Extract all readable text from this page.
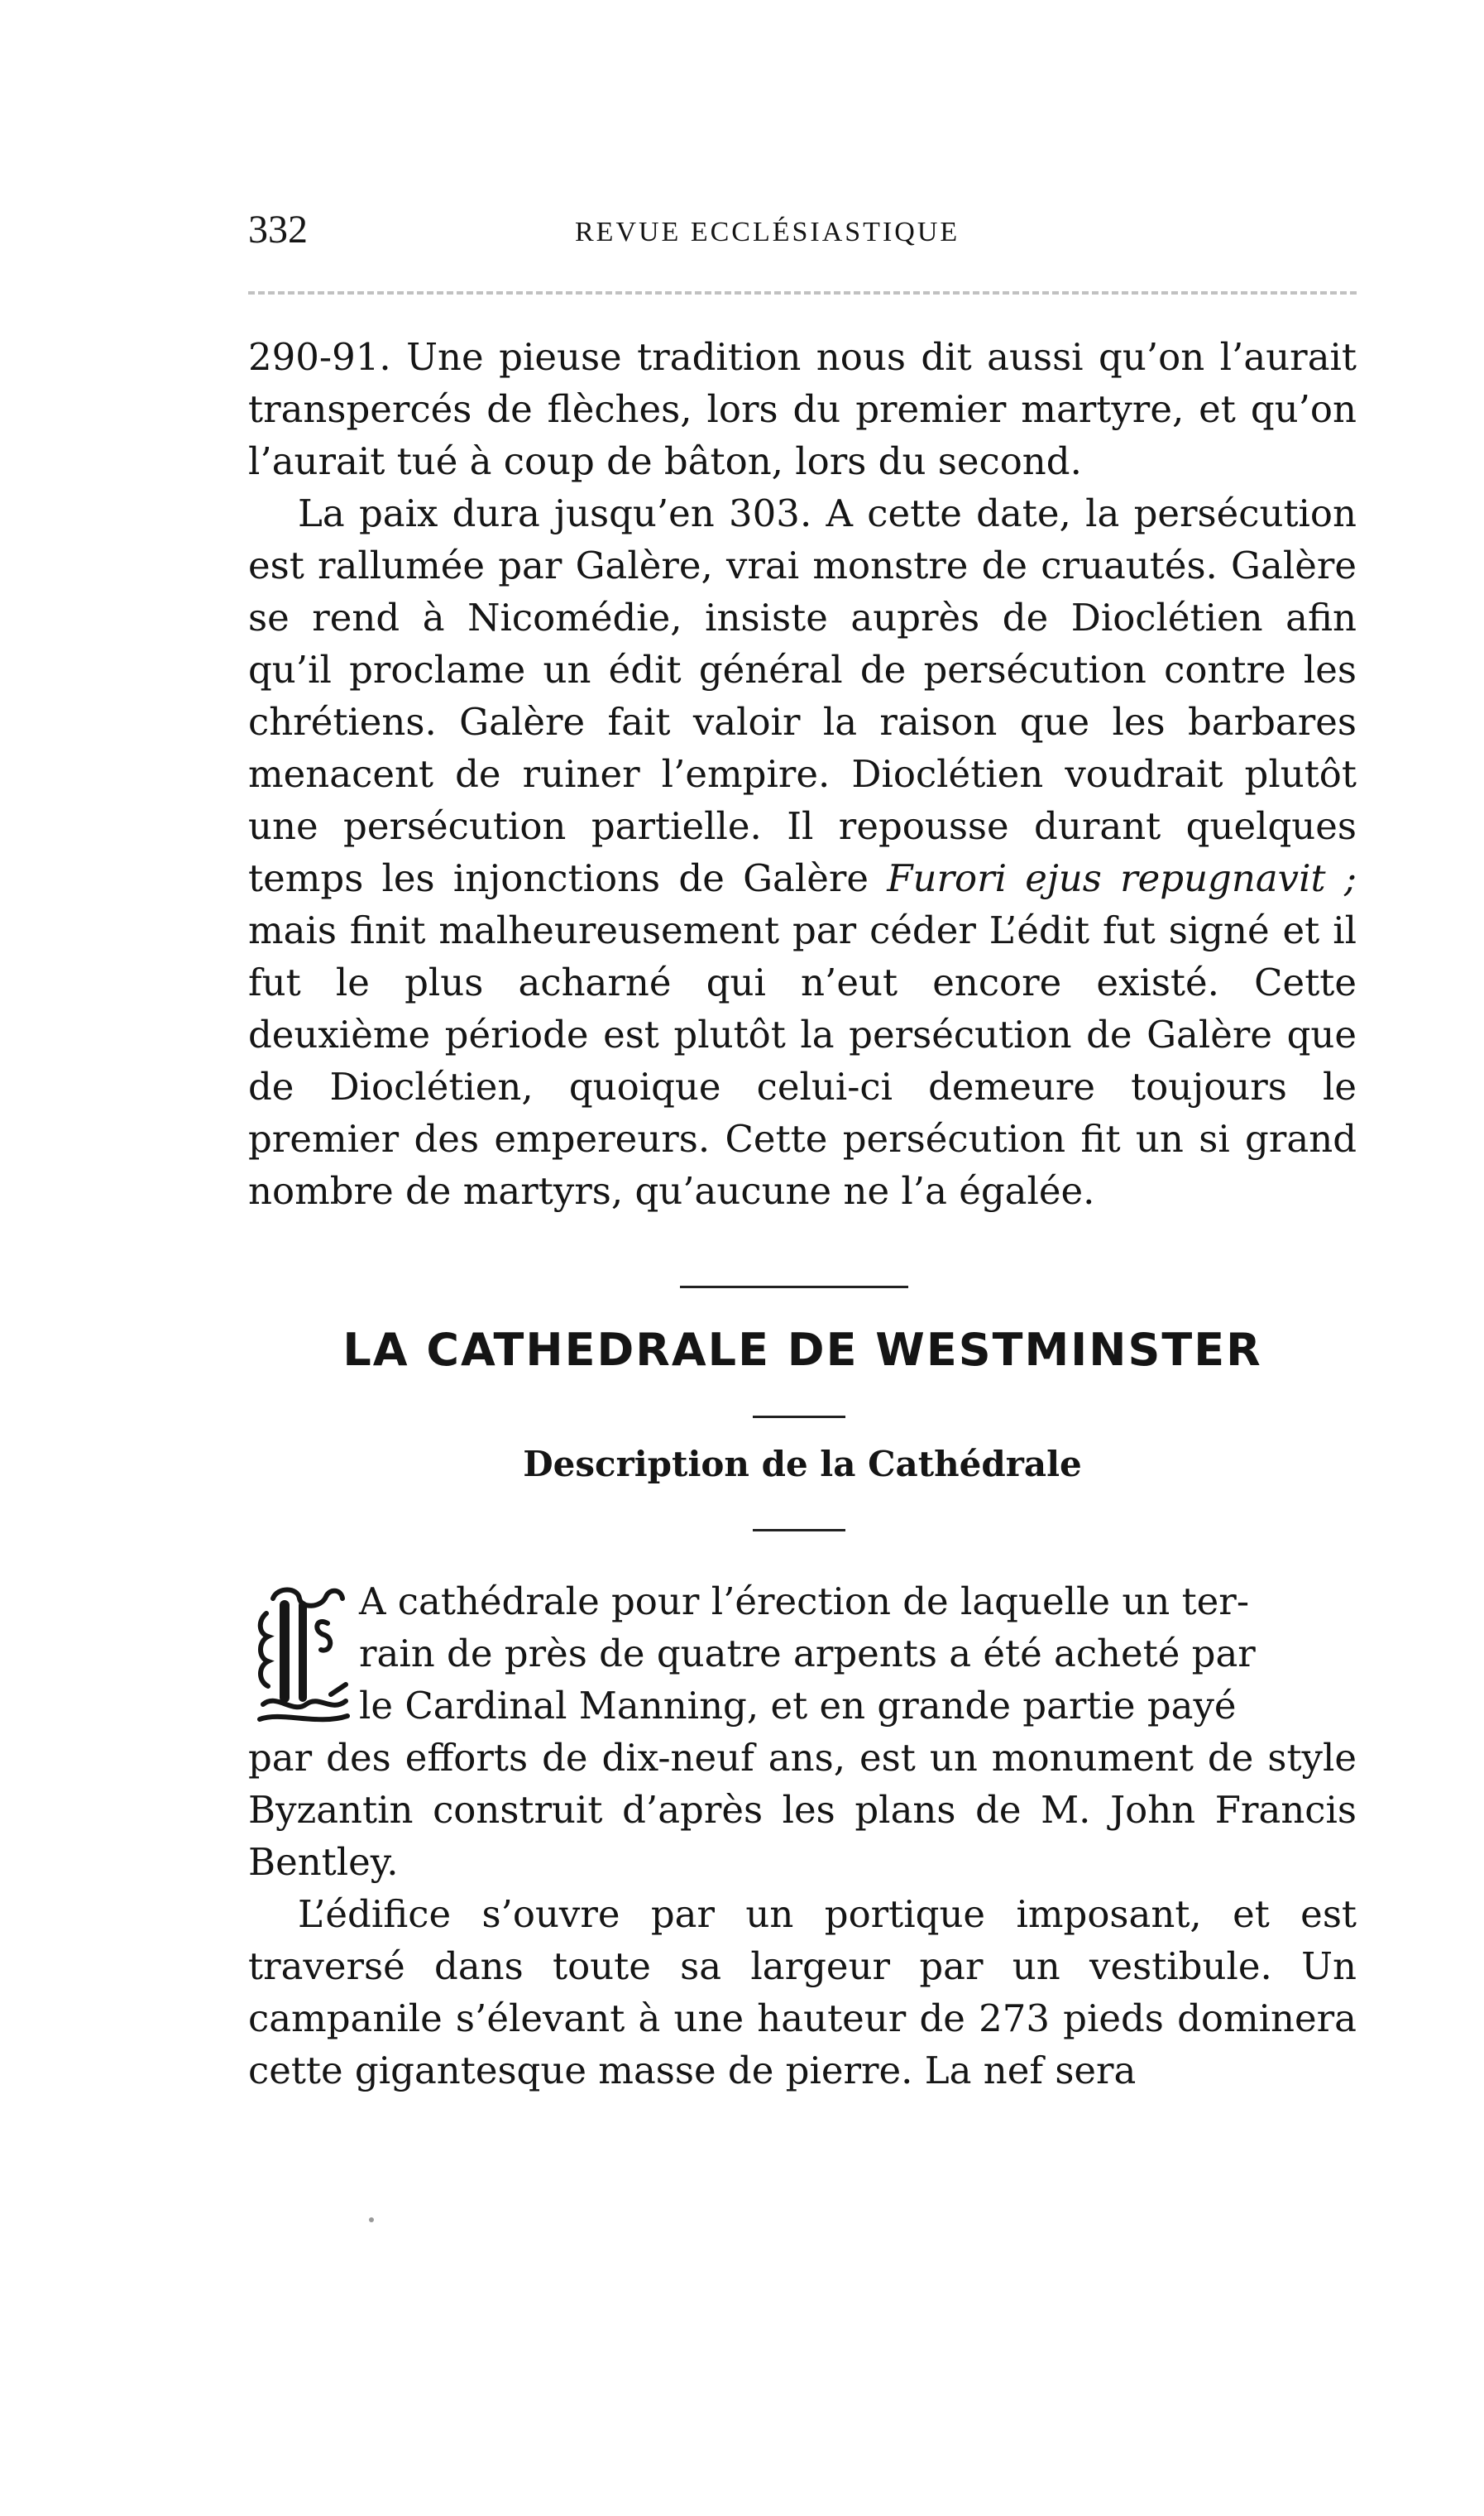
332	REVUE ECCLÉSIASTIQUE

290-91. Une pieuse tradition nous dit aussi qu’on l’aurait transpercés de flèches, lors du premier martyre, et qu’on l’aurait tué à coup de bâton, lors du second.

La paix dura jusqu’en 303. A cette date, la persécution est rallumée par Galère, vrai monstre de cruautés. Galère se rend à Nicomédie, insiste auprès de Dioclétien afin qu’il proclame un édit général de persécution contre les chrétiens. Galère fait valoir la raison que les barbares menacent de ruiner l’empire. Dioclétien voudrait plutôt une persécution partielle. Il repousse durant quelques temps les injonctions de Galère Furori ejus repugnavit ; mais finit malheureusement par céder L’édit fut signé et il fut le plus acharné qui n’eut encore existé. Cette deuxième période est plutôt la persécution de Galère que de Dioclétien, quoique celui-ci demeure toujours le premier des empereurs. Cette persécution fit un si grand nombre de martyrs, qu’aucune ne l’a égalée.

LA CATHEDRALE DE WESTMINSTER
Description de la Cathédrale

A cathédrale pour l’érection de laquelle un ter-
rain de près de quatre arpents a été acheté par
le Cardinal Manning, et en grande partie payé

par des efforts de dix-neuf ans, est un monument de style Byzantin construit d’après les plans de M. John Francis Bentley.

L’édifice s’ouvre par un portique imposant, et est traversé dans toute sa largeur par un vestibule. Un campanile s’élevant à une hauteur de 273 pieds dominera cette gigantesque masse de pierre. La nef sera
